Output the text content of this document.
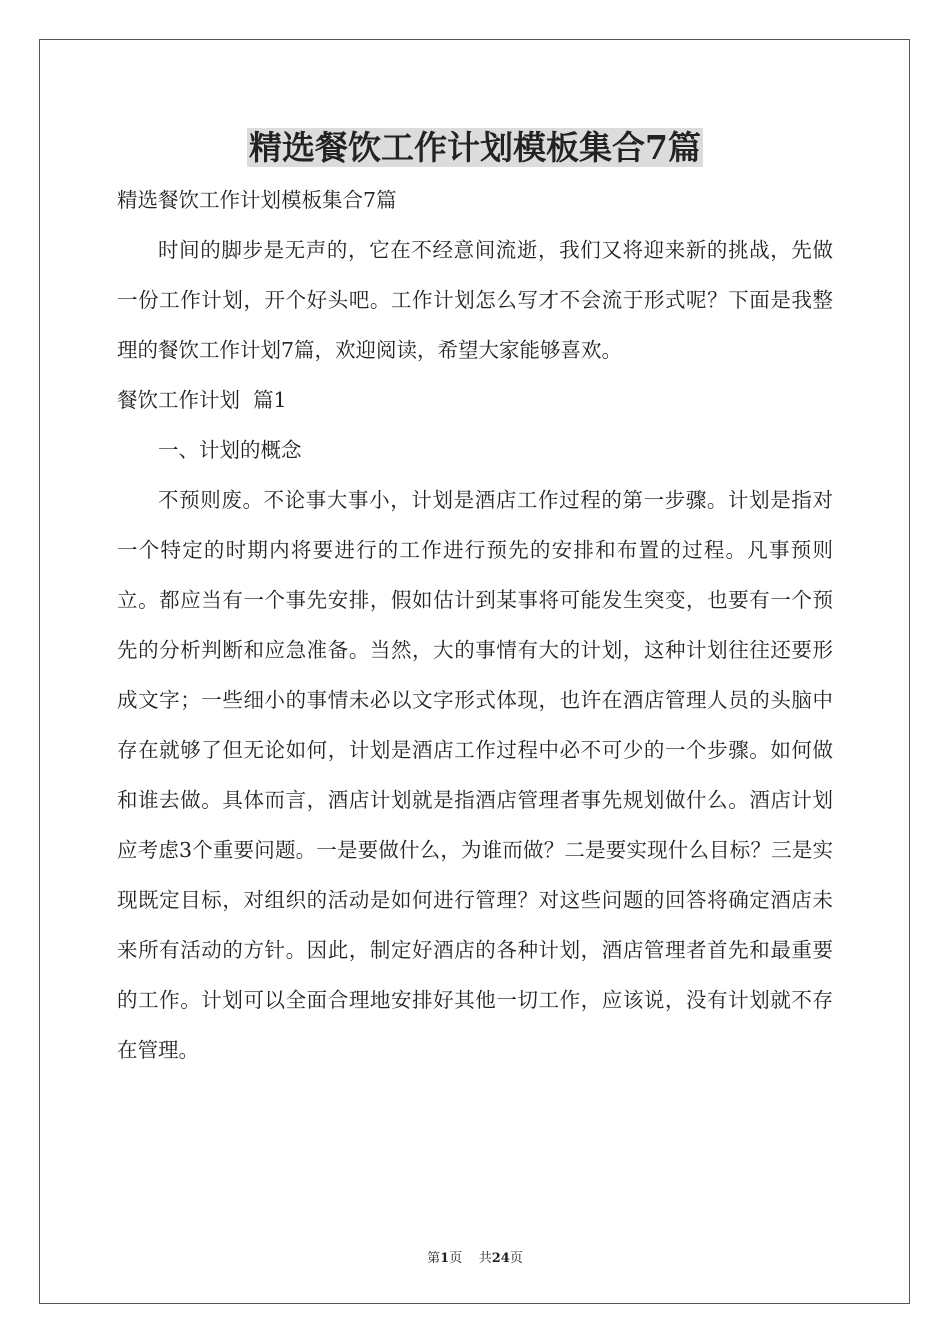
精选餐饮工作计划模板集合7篇

精选餐饮工作计划模板集合7篇

时间的脚步是无声的，它在不经意间流逝，我们又将迎来新的挑战，先做一份工作计划，开个好头吧。工作计划怎么写才不会流于形式呢？下面是我整理的餐饮工作计划7篇，欢迎阅读，希望大家能够喜欢。

餐饮工作计划  篇1

一、计划的概念

不预则废。不论事大事小，计划是酒店工作过程的第一步骤。计划是指对一个特定的时期内将要进行的工作进行预先的安排和布置的过程。凡事预则立。都应当有一个事先安排，假如估计到某事将可能发生突变，也要有一个预先的分析判断和应急准备。当然，大的事情有大的计划，这种计划往往还要形成文字；一些细小的事情未必以文字形式体现，也许在酒店管理人员的头脑中存在就够了但无论如何，计划是酒店工作过程中必不可少的一个步骤。如何做和谁去做。具体而言，酒店计划就是指酒店管理者事先规划做什么。酒店计划应考虑3个重要问题。一是要做什么，为谁而做？二是要实现什么目标？三是实现既定目标，对组织的活动是如何进行管理？对这些问题的回答将确定酒店未来所有活动的方针。因此，制定好酒店的各种计划，酒店管理者首先和最重要的工作。计划可以全面合理地安排好其他一切工作，应该说，没有计划就不存在管理。

第1页 共24页
